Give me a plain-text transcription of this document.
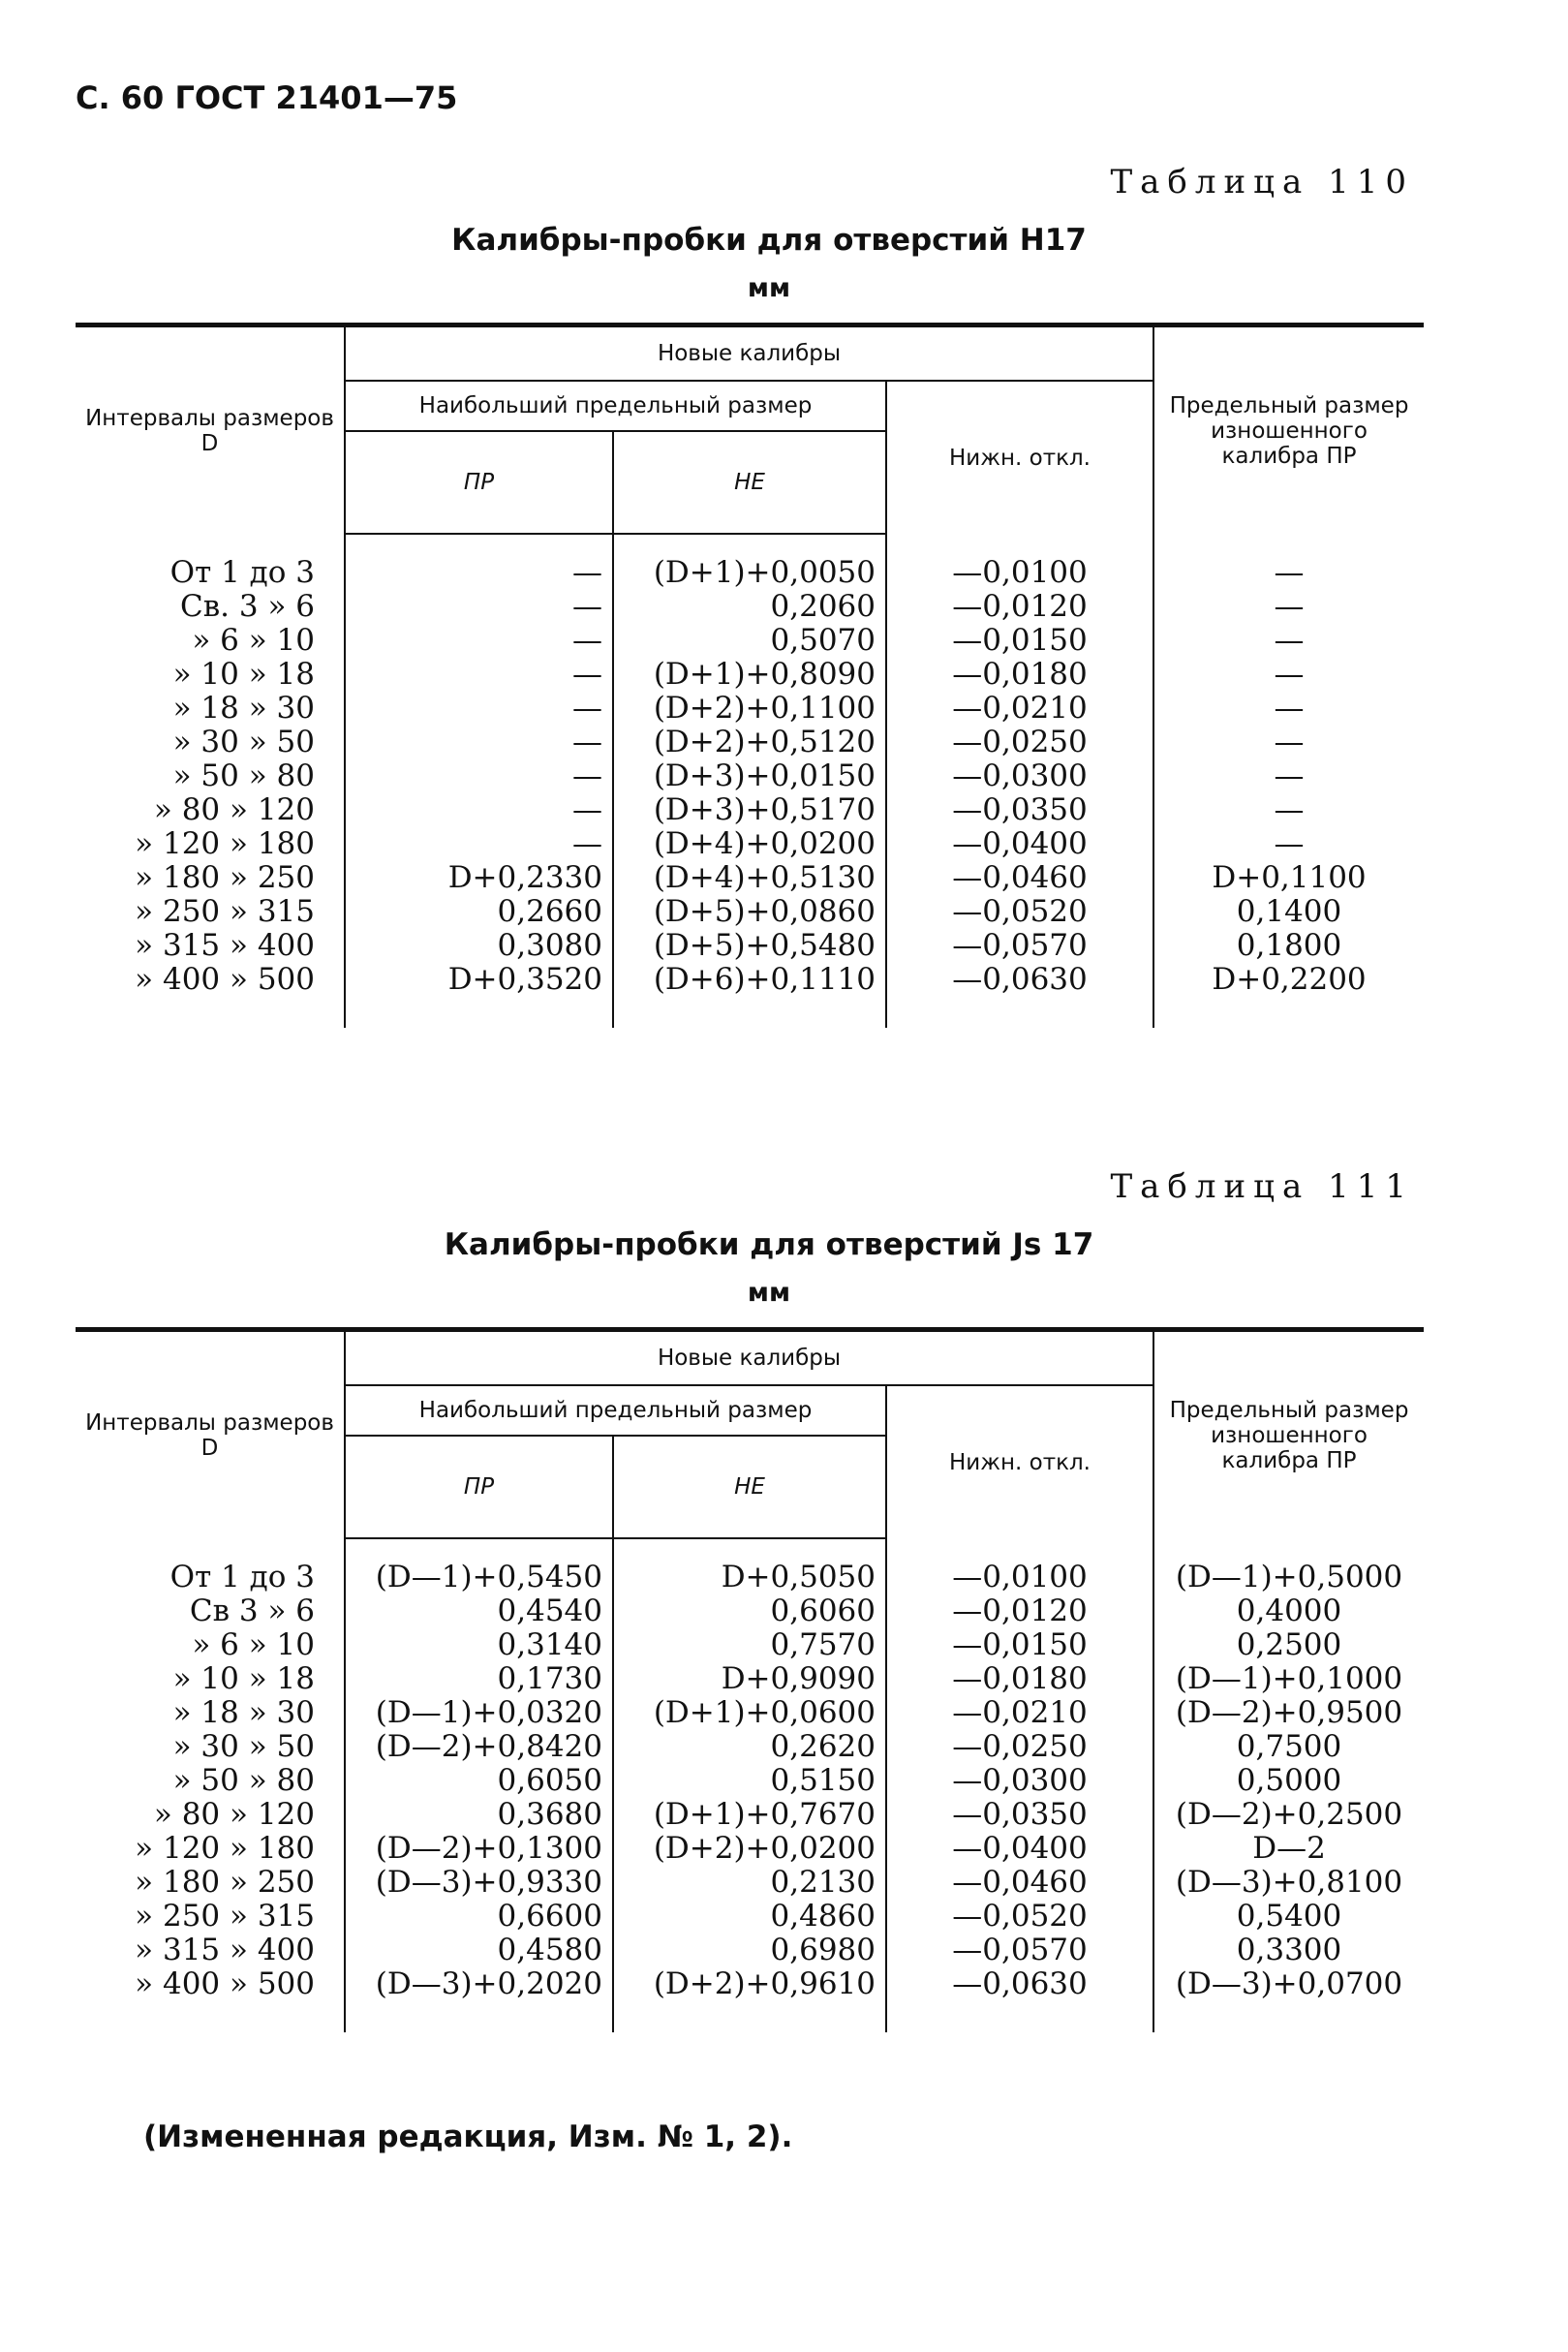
С. 60 ГОСТ 21401—75
Таблица 110
Калибры-пробки для отверстий Н17
мм
Интервалы размеров D	Новые калибры			Предельный размер изношенного калибра ПР
	Наибольший предельный размер		Нижн. откл.	
	ПР	НЕ		

От 1 до 3	—	(D+1)+0,0050	—0,0100	—
Св. 3 » 6	—	0,2060	—0,0120	—
» 6 » 10	—	0,5070	—0,0150	—
» 10 » 18	—	(D+1)+0,8090	—0,0180	—
» 18 » 30	—	(D+2)+0,1100	—0,0210	—
» 30 » 50	—	(D+2)+0,5120	—0,0250	—
» 50 » 80	—	(D+3)+0,0150	—0,0300	—
» 80 » 120	—	(D+3)+0,5170	—0,0350	—
» 120 » 180	—	(D+4)+0,0200	—0,0400	—
» 180 » 250	D+0,2330	(D+4)+0,5130	—0,0460	D+0,1100
» 250 » 315	0,2660	(D+5)+0,0860	—0,0520	0,1400
» 315 » 400	0,3080	(D+5)+0,5480	—0,0570	0,1800
» 400 » 500	D+0,3520	(D+6)+0,1110	—0,0630	D+0,2200

Таблица 111
Калибры-пробки для отверстий Js 17
мм
Интервалы размеров D	Новые калибры			Предельный размер изношенного калибра ПР
	Наибольший предельный размер		Нижн. откл.	
	ПР	НЕ		

От 1 до 3	(D—1)+0,5450	D+0,5050	—0,0100	(D—1)+0,5000
Св 3 » 6	0,4540	0,6060	—0,0120	0,4000
» 6 » 10	0,3140	0,7570	—0,0150	0,2500
» 10 » 18	0,1730	D+0,9090	—0,0180	(D—1)+0,1000
» 18 » 30	(D—1)+0,0320	(D+1)+0,0600	—0,0210	(D—2)+0,9500
» 30 » 50	(D—2)+0,8420	0,2620	—0,0250	0,7500
» 50 » 80	0,6050	0,5150	—0,0300	0,5000
» 80 » 120	0,3680	(D+1)+0,7670	—0,0350	(D—2)+0,2500
» 120 » 180	(D—2)+0,1300	(D+2)+0,0200	—0,0400	D—2
» 180 » 250	(D—3)+0,9330	0,2130	—0,0460	(D—3)+0,8100
» 250 » 315	0,6600	0,4860	—0,0520	0,5400
» 315 » 400	0,4580	0,6980	—0,0570	0,3300
» 400 » 500	(D—3)+0,2020	(D+2)+0,9610	—0,0630	(D—3)+0,0700

(Измененная редакция, Изм. № 1, 2).
